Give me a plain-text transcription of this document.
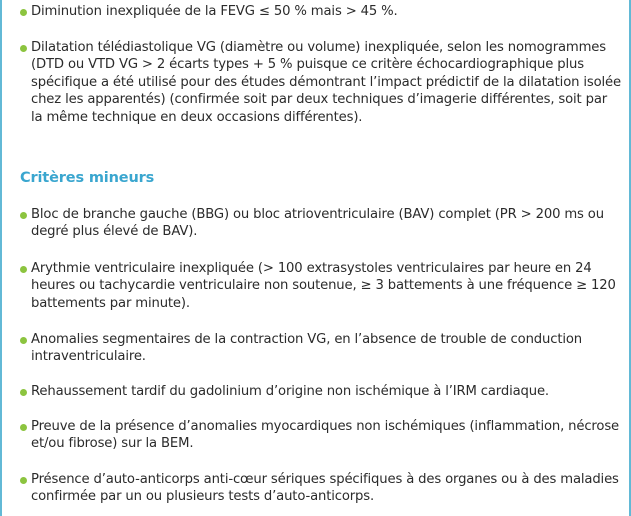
Diminution inexpliquée de la FEVG ≤ 50 % mais > 45 %.
Dilatation télédiastolique VG (diamètre ou volume) inexpliquée, selon les nomogrammes (DTD ou VTD VG > 2 écarts types + 5 % puisque ce critère échocardiographique plus spécifique a été utilisé pour des études démontrant l’impact prédictif de la dilatation isolée chez les apparentés) (confirmée soit par deux techniques d’imagerie différentes, soit par la même technique en deux occasions différentes).
Critères mineurs
Bloc de branche gauche (BBG) ou bloc atrioventriculaire (BAV) complet (PR > 200 ms ou degré plus élevé de BAV).
Arythmie ventriculaire inexpliquée (> 100 extrasystoles ventriculaires par heure en 24 heures ou tachycardie ventriculaire non soutenue, ≥ 3 battements à une fréquence ≥ 120 battements par minute).
Anomalies segmentaires de la contraction VG, en l’absence de trouble de conduction intraventriculaire.
Rehaussement tardif du gadolinium d’origine non ischémique à l’IRM cardiaque.
Preuve de la présence d’anomalies myocardiques non ischémiques (inflammation, nécrose et/ou fibrose) sur la BEM.
Présence d’auto-anticorps anti-cœur sériques spécifiques à des organes ou à des maladies confirmée par un ou plusieurs tests d’auto-anticorps.
